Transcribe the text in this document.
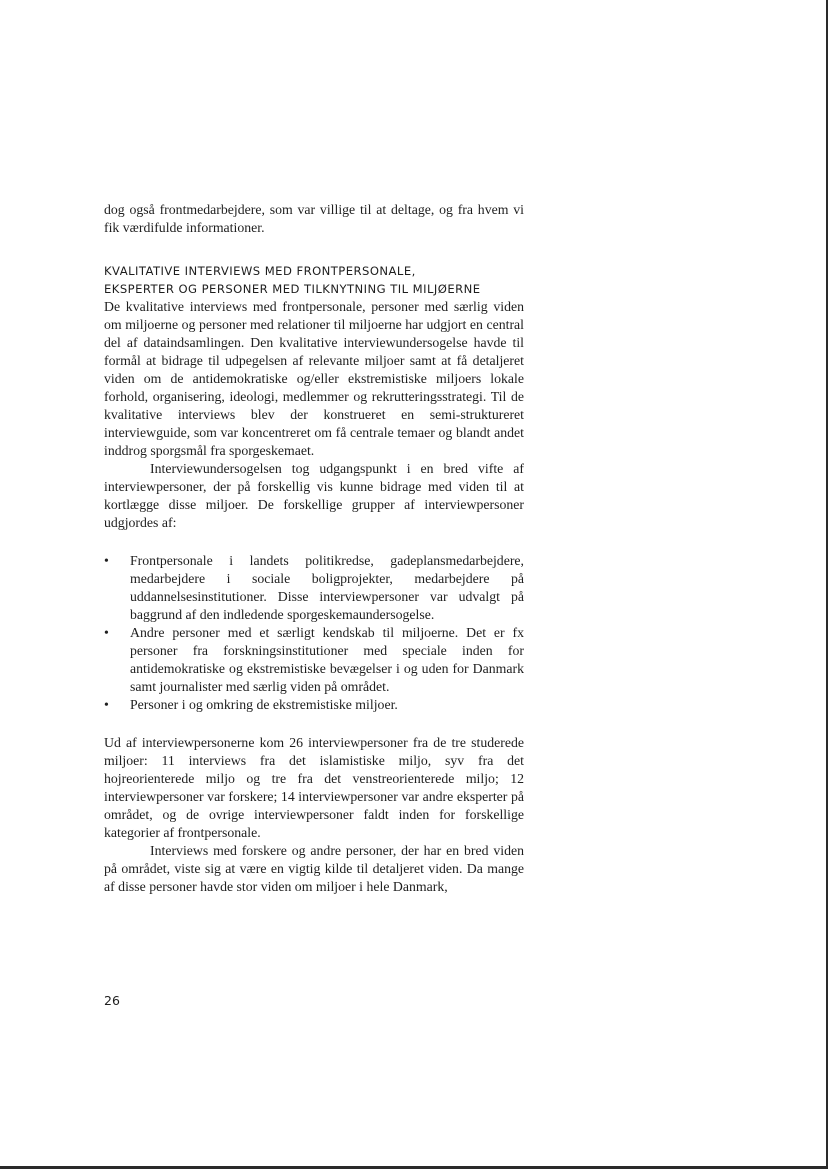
dog også frontmedarbejdere, som var villige til at deltage, og fra hvem vi fik værdifulde informationer.

KVALITATIVE INTERVIEWS MED FRONTPERSONALE,
EKSPERTER OG PERSONER MED TILKNYTNING TIL MILJØERNE

De kvalitative interviews med frontpersonale, personer med særlig viden om miljoerne og personer med relationer til miljoerne har udgjort en central del af dataindsamlingen. Den kvalitative interviewundersogelse havde til formål at bidrage til udpegelsen af relevante miljoer samt at få detaljeret viden om de antidemokratiske og/eller ekstremistiske miljoers lokale forhold, organisering, ideologi, medlemmer og rekrutteringsstrategi. Til de kvalitative interviews blev der konstrueret en semi-struktureret interviewguide, som var koncentreret om få centrale temaer og blandt andet inddrog sporgsmål fra sporgeskemaet.

Interviewundersogelsen tog udgangspunkt i en bred vifte af interviewpersoner, der på forskellig vis kunne bidrage med viden til at kortlægge disse miljoer. De forskellige grupper af interviewpersoner udgjordes af:

•	Frontpersonale i landets politikredse, gadeplansmedarbejdere, medarbejdere i sociale boligprojekter, medarbejdere på uddannelsesinstitutioner. Disse interviewpersoner var udvalgt på baggrund af den indledende sporgeskemaundersogelse.
•	Andre personer med et særligt kendskab til miljoerne. Det er fx personer fra forskningsinstitutioner med speciale inden for antidemokratiske og ekstremistiske bevægelser i og uden for Danmark samt journalister med særlig viden på området.
•	Personer i og omkring de ekstremistiske miljoer.

Ud af interviewpersonerne kom 26 interviewpersoner fra de tre studerede miljoer: 11 interviews fra det islamistiske miljo, syv fra det hojreorienterede miljo og tre fra det venstreorienterede miljo; 12 interviewpersoner var forskere; 14 interviewpersoner var andre eksperter på området, og de ovrige interviewpersoner faldt inden for forskellige kategorier af frontpersonale.

Interviews med forskere og andre personer, der har en bred viden på området, viste sig at være en vigtig kilde til detaljeret viden. Da mange af disse personer havde stor viden om miljoer i hele Danmark,

26
